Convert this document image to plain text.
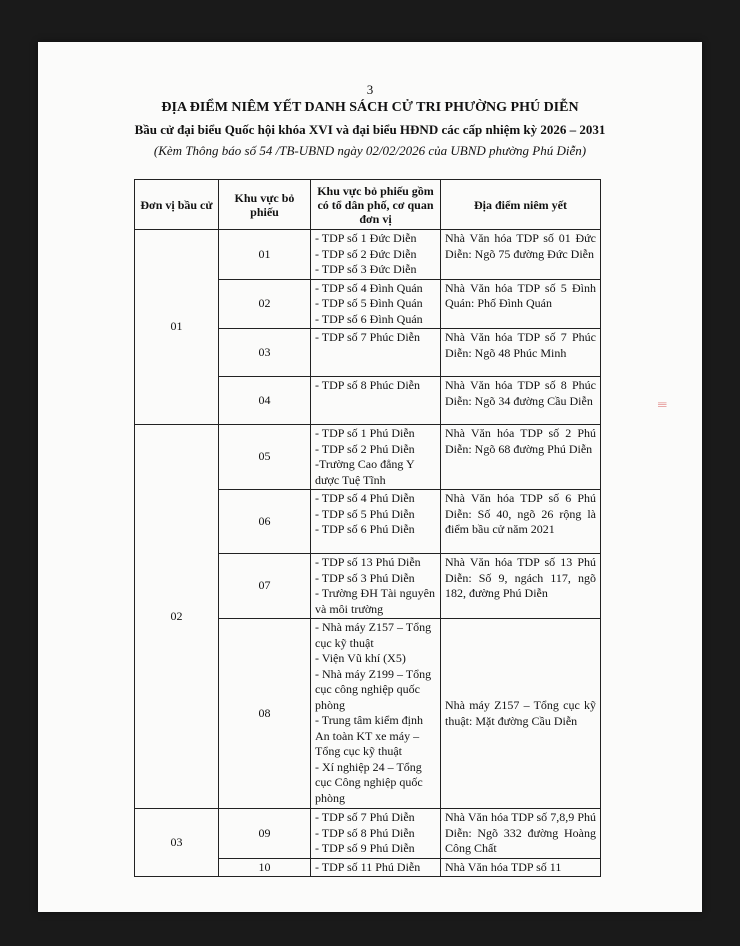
3
ĐỊA ĐIỂM NIÊM YẾT DANH SÁCH CỬ TRI PHƯỜNG PHÚ DIỄN
Bầu cử đại biểu Quốc hội khóa XVI và đại biểu HĐND các cấp nhiệm kỳ 2026 – 2031
(Kèm Thông báo số 54 /TB-UBND ngày 02/02/2026 của UBND phường Phú Diễn)
Đơn vị bầu cử	Khu vực bỏ phiếu	Khu vực bỏ phiếu gồm có tổ dân phố, cơ quan đơn vị	Địa điểm niêm yết
01	01	- TDP số 1 Đức Diễn
- TDP số 2 Đức Diễn
- TDP số 3 Đức Diễn	Nhà Văn hóa TDP số 01 Đức Diễn: Ngõ 75 đường Đức Diễn
	02	- TDP số 4 Đình Quán
- TDP số 5 Đình Quán
- TDP số 6 Đình Quán	Nhà Văn hóa TDP số 5 Đình Quán: Phố Đình Quán
	03	- TDP số 7 Phúc Diễn	Nhà Văn hóa TDP số 7 Phúc Diễn: Ngõ 48 Phúc Minh
	04	- TDP số 8 Phúc Diễn	Nhà Văn hóa TDP số 8 Phúc Diễn: Ngõ 34 đường Cầu Diễn
02	05	- TDP số 1 Phú Diễn
- TDP số 2 Phú Diễn
-Trường Cao đẳng Y dược Tuệ Tĩnh	Nhà Văn hóa TDP số 2 Phú Diễn: Ngõ 68 đường Phú Diễn
	06	- TDP số 4 Phú Diễn
- TDP số 5 Phú Diễn
- TDP số 6 Phú Diễn	Nhà Văn hóa TDP số 6 Phú Diễn: Số 40, ngõ 26 rộng là điểm bầu cử năm 2021
	07	- TDP số 13 Phú Diễn
- TDP số 3 Phú Diễn
- Trường ĐH Tài nguyên và môi trường	Nhà Văn hóa TDP số 13 Phú Diễn: Số 9, ngách 117, ngõ 182, đường Phú Diễn
	08	- Nhà máy Z157 – Tổng cục kỹ thuật
- Viện Vũ khí (X5)
- Nhà máy Z199 – Tổng cục công nghiệp quốc phòng
- Trung tâm kiểm định An toàn KT xe máy – Tổng cục kỹ thuật
- Xí nghiệp 24 – Tổng cục Công nghiệp quốc phòng	Nhà máy Z157 – Tổng cục kỹ thuật: Mặt đường Cầu Diễn
03	09	- TDP số 7 Phú Diễn
- TDP số 8 Phú Diễn
- TDP số 9 Phú Diễn	Nhà Văn hóa TDP số 7,8,9 Phú Diễn: Ngõ 332 đường Hoàng Công Chất
	10	- TDP số 11 Phú Diễn	Nhà Văn hóa TDP số 11
|||
